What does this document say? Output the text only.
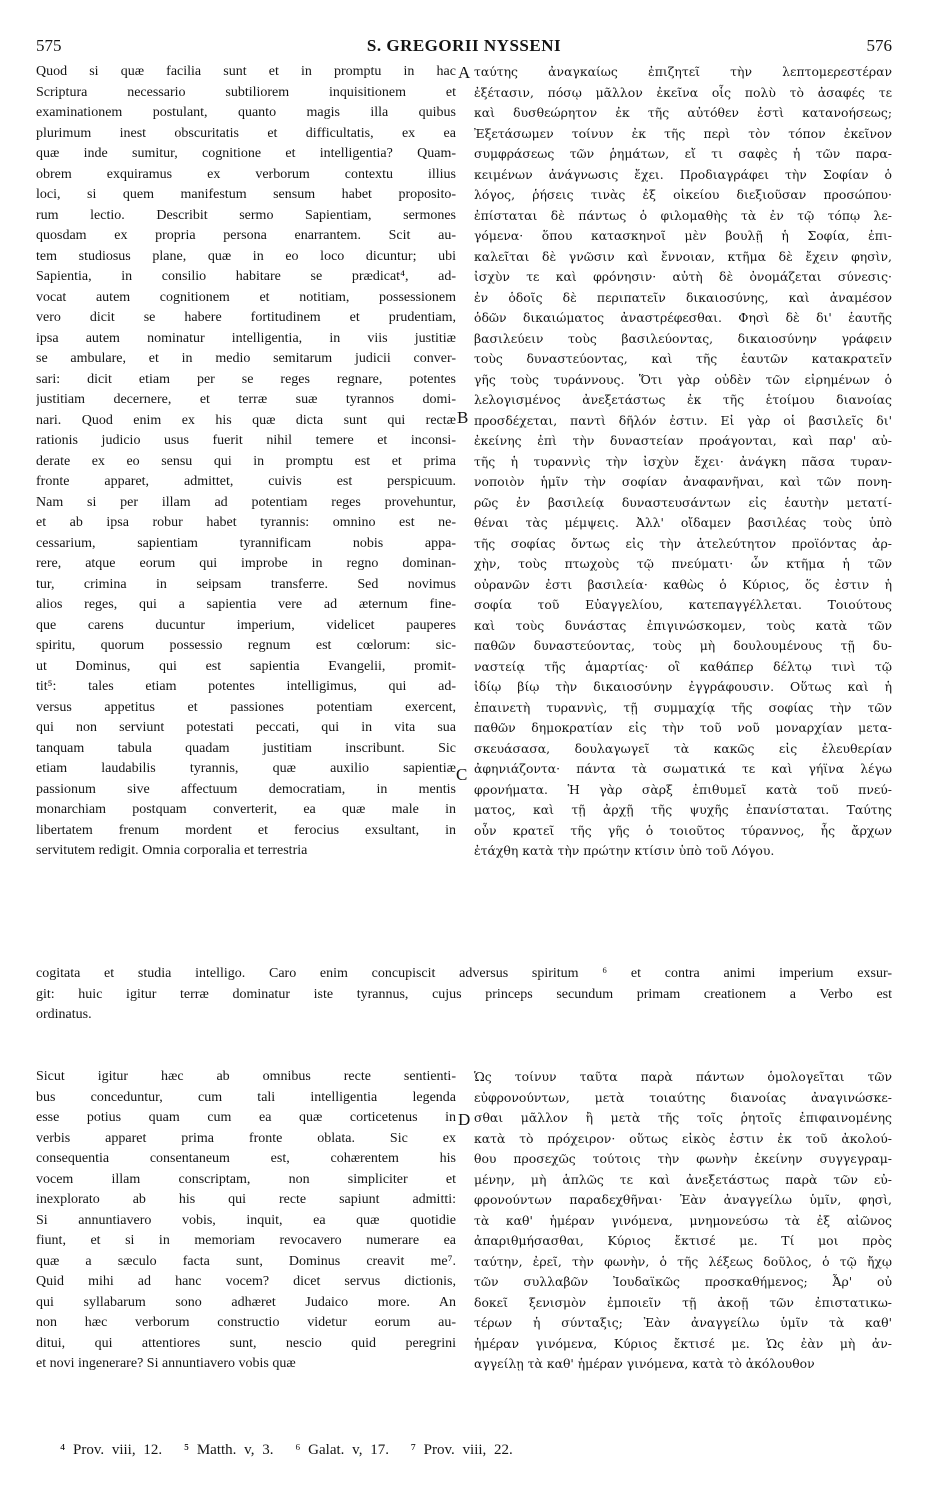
575	S. GREGORII NYSSENI	576
A
B
C
D
Quod si quæ facilia sunt et in promptu in hac
Scriptura necessario subtiliorem inquisitionem et
examinationem postulant, quanto magis illa quibus
plurimum inest obscuritatis et difficultatis, ex ea
quæ inde sumitur, cognitione et intelligentia? Quam-
obrem exquiramus ex verborum contextu illius
loci, si quem manifestum sensum habet proposito-
rum lectio. Describit sermo Sapientiam, sermones
quosdam ex propria persona enarrantem. Scit au-
tem studiosus plane, quæ in eo loco dicuntur; ubi
Sapientia, in consilio habitare se prædicat⁴, ad-
vocat autem cognitionem et notitiam, possessionem
vero dicit se habere fortitudinem et prudentiam,
ipsa autem nominatur intelligentia, in viis justitiæ
se ambulare, et in medio semitarum judicii conver-
sari: dicit etiam per se reges regnare, potentes
justitiam decernere, et terræ suæ tyrannos domi-
nari. Quod enim ex his quæ dicta sunt qui rectæ
rationis judicio usus fuerit nihil temere et inconsi-
derate ex eo sensu qui in promptu est et prima
fronte apparet, admittet, cuivis est perspicuum.
Nam si per illam ad potentiam reges provehuntur,
et ab ipsa robur habet tyrannis: omnino est ne-
cessarium, sapientiam tyrannificam nobis appa-
rere, atque eorum qui improbe in regno dominan-
tur, crimina in seipsam transferre. Sed novimus
alios reges, qui a sapientia vere ad æternum fine-
que carens ducuntur imperium, videlicet pauperes
spiritu, quorum possessio regnum est cœlorum: sic-
ut Dominus, qui est sapientia Evangelii, promit-
tit⁵: tales etiam potentes intelligimus, qui ad-
versus appetitus et passiones potentiam exercent,
qui non serviunt potestati peccati, qui in vita sua
tanquam tabula quadam justitiam inscribunt. Sic
etiam laudabilis tyrannis, quæ auxilio sapientiæ
passionum sive affectuum democratiam, in mentis
monarchiam postquam converterit, ea quæ male in
libertatem frenum mordent et ferocius exsultant, in
servitutem redigit. Omnia corporalia et terrestria
ταύτης ἀναγκαίως ἐπιζητεῖ τὴν λεπτομερεστέραν
ἐξέτασιν, πόσῳ μᾶλλον ἐκεῖνα οἷς πολὺ τὸ ἀσαφές τε
καὶ δυσθεώρητον ἐκ τῆς αὐτόθεν ἐστὶ κατανοήσεως;
Ἐξετάσωμεν τοίνυν ἐκ τῆς περὶ τὸν τόπον ἐκεῖνον
συμφράσεως τῶν ῥημάτων, εἴ τι σαφὲς ἡ τῶν παρα-
κειμένων ἀνάγνωσις ἔχει. Προδιαγράφει τὴν Σοφίαν ὁ
λόγος, ῥήσεις τινὰς ἐξ οἰκείου διεξιοῦσαν προσώπου·
ἐπίσταται δὲ πάντως ὁ φιλομαθὴς τὰ ἐν τῷ τόπῳ λε-
γόμενα· ὅπου κατασκηνοῖ μὲν βουλῇ ἡ Σοφία, ἐπι-
καλεῖται δὲ γνῶσιν καὶ ἔννοιαν, κτῆμα δὲ ἔχειν φησὶν,
ἰσχὺν τε καὶ φρόνησιν· αὐτὴ δὲ ὀνομάζεται σύνεσις·
ἐν ὁδοῖς δὲ περιπατεῖν δικαιοσύνης, καὶ ἀναμέσον
ὁδῶν δικαιώματος ἀναστρέφεσθαι. Φησὶ δὲ δι' ἑαυτῆς
βασιλεύειν τοὺς βασιλεύοντας, δικαιοσύνην γράφειν
τοὺς δυναστεύοντας, καὶ τῆς ἑαυτῶν κατακρατεῖν
γῆς τοὺς τυράννους. Ὅτι γὰρ οὐδὲν τῶν εἰρημένων ὁ
λελογισμένος ἀνεξετάστως ἐκ τῆς ἑτοίμου διανοίας
προσδέχεται, παντὶ δῆλόν ἐστιν. Εἰ γὰρ οἱ βασιλεῖς δι'
ἐκείνης ἐπὶ τὴν δυναστείαν προάγονται, καὶ παρ' αὐ-
τῆς ἡ τυραννὶς τὴν ἰσχὺν ἔχει· ἀνάγκη πᾶσα τυραν-
νοποιὸν ἡμῖν τὴν σοφίαν ἀναφανῆναι, καὶ τῶν πονη-
ρῶς ἐν βασιλείᾳ δυναστευσάντων εἰς ἑαυτὴν μετατί-
θέναι τὰς μέμψεις. Ἀλλ' οἴδαμεν βασιλέας τοὺς ὑπὸ
τῆς σοφίας ὄντως εἰς τὴν ἀτελεύτητον προϊόντας ἀρ-
χὴν, τοὺς πτωχοὺς τῷ πνεύματι· ὧν κτῆμα ἡ τῶν
οὐρανῶν ἐστι βασιλεία· καθὼς ὁ Κύριος, ὅς ἐστιν ἡ
σοφία τοῦ Εὐαγγελίου, κατεπαγγέλλεται. Τοιούτους
καὶ τοὺς δυνάστας ἐπιγινώσκομεν, τοὺς κατὰ τῶν
παθῶν δυναστεύοντας, τοὺς μὴ δουλουμένους τῇ δυ-
ναστείᾳ τῆς ἁμαρτίας· οἳ καθάπερ δέλτῳ τινὶ τῷ
ἰδίῳ βίῳ τὴν δικαιοσύνην ἐγγράφουσιν. Οὕτως καὶ ἡ
ἐπαινετὴ τυραννὶς, τῇ συμμαχίᾳ τῆς σοφίας τὴν τῶν
παθῶν δημοκρατίαν εἰς τὴν τοῦ νοῦ μοναρχίαν μετα-
σκευάσασα, δουλαγωγεῖ τὰ κακῶς εἰς ἐλευθερίαν
ἀφηνιάζοντα· πάντα τὰ σωματικά τε καὶ γήϊνα λέγω
φρονήματα. Ἡ γὰρ σὰρξ ἐπιθυμεῖ κατὰ τοῦ πνεύ-
ματος, καὶ τῇ ἀρχῇ τῆς ψυχῆς ἐπανίσταται. Ταύτης
οὖν κρατεῖ τῆς γῆς ὁ τοιοῦτος τύραννος, ἧς ἄρχων
ἐτάχθη κατὰ τὴν πρώτην κτίσιν ὑπὸ τοῦ Λόγου.
cogitata et studia intelligo. Caro enim concupiscit adversus spiritum ⁶ et contra animi imperium exsur-
git: huic igitur terræ dominatur iste tyrannus, cujus princeps secundum primam creationem a Verbo est
ordinatus.
Sicut igitur hæc ab omnibus recte sentienti-
bus conceduntur, cum tali intelligentia legenda
esse potius quam cum ea quæ corticetenus in
verbis apparet prima fronte oblata. Sic ex
consequentia consentaneum est, cohærentem his
vocem illam conscriptam, non simpliciter et
inexplorato ab his qui recte sapiunt admitti:
Si annuntiavero vobis, inquit, ea quæ quotidie
fiunt, et si in memoriam revocavero numerare ea
quæ a sæculo facta sunt, Dominus creavit me⁷.
Quid mihi ad hanc vocem? dicet servus dictionis,
qui syllabarum sono adhæret Judaico more. An
non hæc verborum constructio videtur eorum au-
ditui, qui attentiores sunt, nescio quid peregrini
et novi ingenerare? Si annuntiavero vobis quæ
Ὡς τοίνυν ταῦτα παρὰ πάντων ὁμολογεῖται τῶν
εὐφρονούντων, μετὰ τοιαύτης διανοίας ἀναγινώσκε-
σθαι μᾶλλον ἢ μετὰ τῆς τοῖς ῥητοῖς ἐπιφαινομένης
κατὰ τὸ πρόχειρον· οὕτως εἰκὸς ἐστιν ἐκ τοῦ ἀκολού-
θου προσεχῶς τούτοις τὴν φωνὴν ἐκείνην συγγεγραμ-
μένην, μὴ ἁπλῶς τε καὶ ἀνεξετάστως παρὰ τῶν εὐ-
φρονούντων παραδεχθῆναι· Ἐὰν ἀναγγείλω ὑμῖν, φησὶ,
τὰ καθ' ἡμέραν γινόμενα, μνημονεύσω τὰ ἐξ αἰῶνος
ἀπαριθμήσασθαι, Κύριος ἔκτισέ με. Τί μοι πρὸς
ταύτην, ἐρεῖ, τὴν φωνὴν, ὁ τῆς λέξεως δοῦλος, ὁ τῷ ἤχῳ
τῶν συλλαβῶν Ἰουδαϊκῶς προσκαθήμενος; Ἆρ' οὐ
δοκεῖ ξενισμὸν ἐμποιεῖν τῇ ἀκοῇ τῶν ἐπιστατικω-
τέρων ἡ σύνταξις; Ἐὰν ἀναγγείλω ὑμῖν τὰ καθ'
ἡμέραν γινόμενα, Κύριος ἔκτισέ με. Ὡς ἐὰν μὴ ἀν-
αγγείλῃ τὰ καθ' ἡμέραν γινόμενα, κατὰ τὸ ἀκόλουθον
⁴ Prov. viii, 12. ⁵ Matth. v, 3. ⁶ Galat. v, 17. ⁷ Prov. viii, 22.
